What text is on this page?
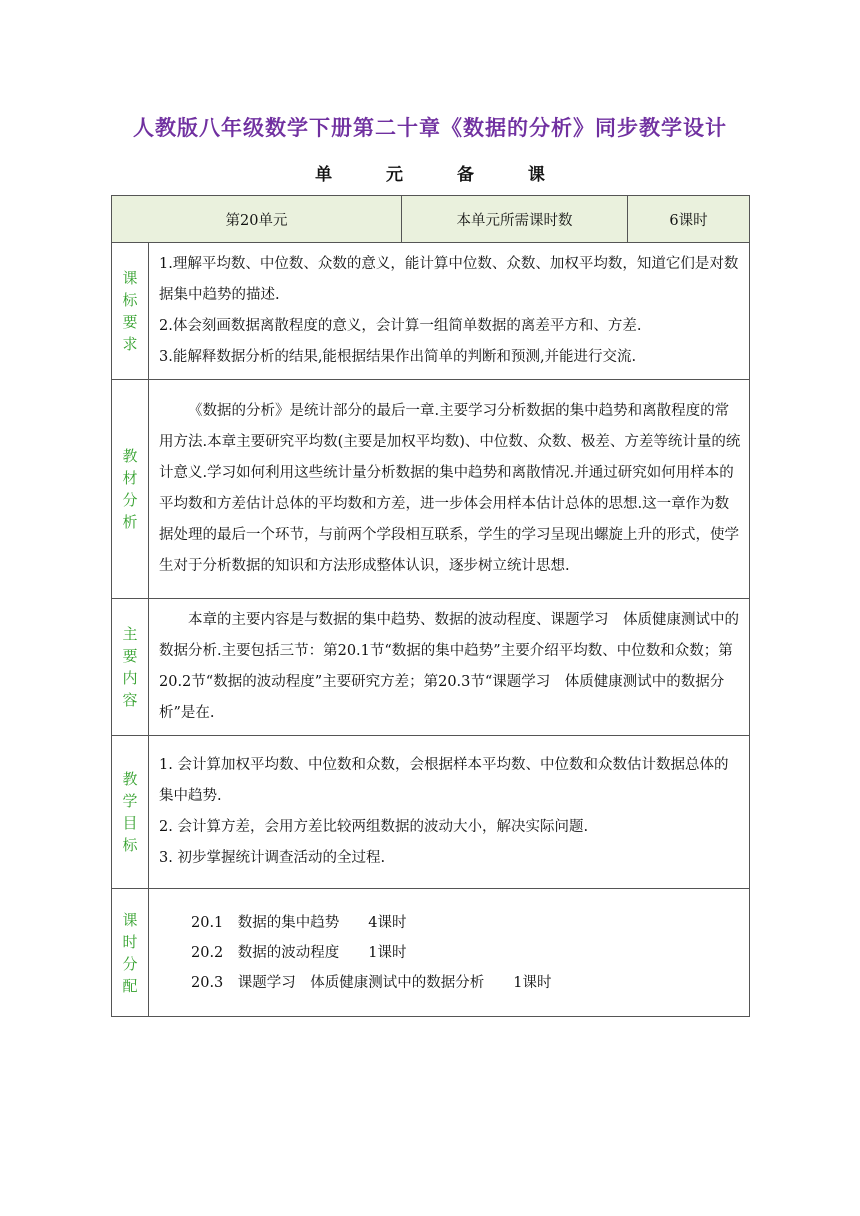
人教版八年级数学下册第二十章《数据的分析》同步教学设计
单 元 备 课
第20单元		本单元所需课时数	6课时
课标要求	1.理解平均数、中位数、众数的意义，能计算中位数、众数、加权平均数，知道它们是对数据集中趋势的描述.

2.体会刻画数据离散程度的意义，会计算一组简单数据的离差平方和、方差.

3.能解释数据分析的结果,能根据结果作出简单的判断和预测,并能进行交流.		

教材分析	《数据的分析》是统计部分的最后一章.主要学习分析数据的集中趋势和离散程度的常用方法.本章主要研究平均数(主要是加权平均数)、中位数、众数、极差、方差等统计量的统计意义.学习如何利用这些统计量分析数据的集中趋势和离散情况.并通过研究如何用样本的平均数和方差估计总体的平均数和方差，进一步体会用样本估计总体的思想.这一章作为数据处理的最后一个环节，与前两个学段相互联系，学生的学习呈现出螺旋上升的形式，使学生对于分析数据的知识和方法形成整体认识，逐步树立统计思想.		

主要内容	本章的主要内容是与数据的集中趋势、数据的波动程度、课题学习　体质健康测试中的数据分析.主要包括三节：第20.1节“数据的集中趋势”主要介绍平均数、中位数和众数；第20.2节“数据的波动程度”主要研究方差；第20.3节“课题学习　体质健康测试中的数据分析”是在.		

教学目标	1. 会计算加权平均数、中位数和众数，会根据样本平均数、中位数和众数估计数据总体的集中趋势.

2. 会计算方差，会用方差比较两组数据的波动大小，解决实际问题.

3. 初步掌握统计调查活动的全过程.		

课时分配	20.1　数据的集中趋势　　4课时

20.2　数据的波动程度　　1课时

20.3　课题学习　体质健康测试中的数据分析　　1课时		
